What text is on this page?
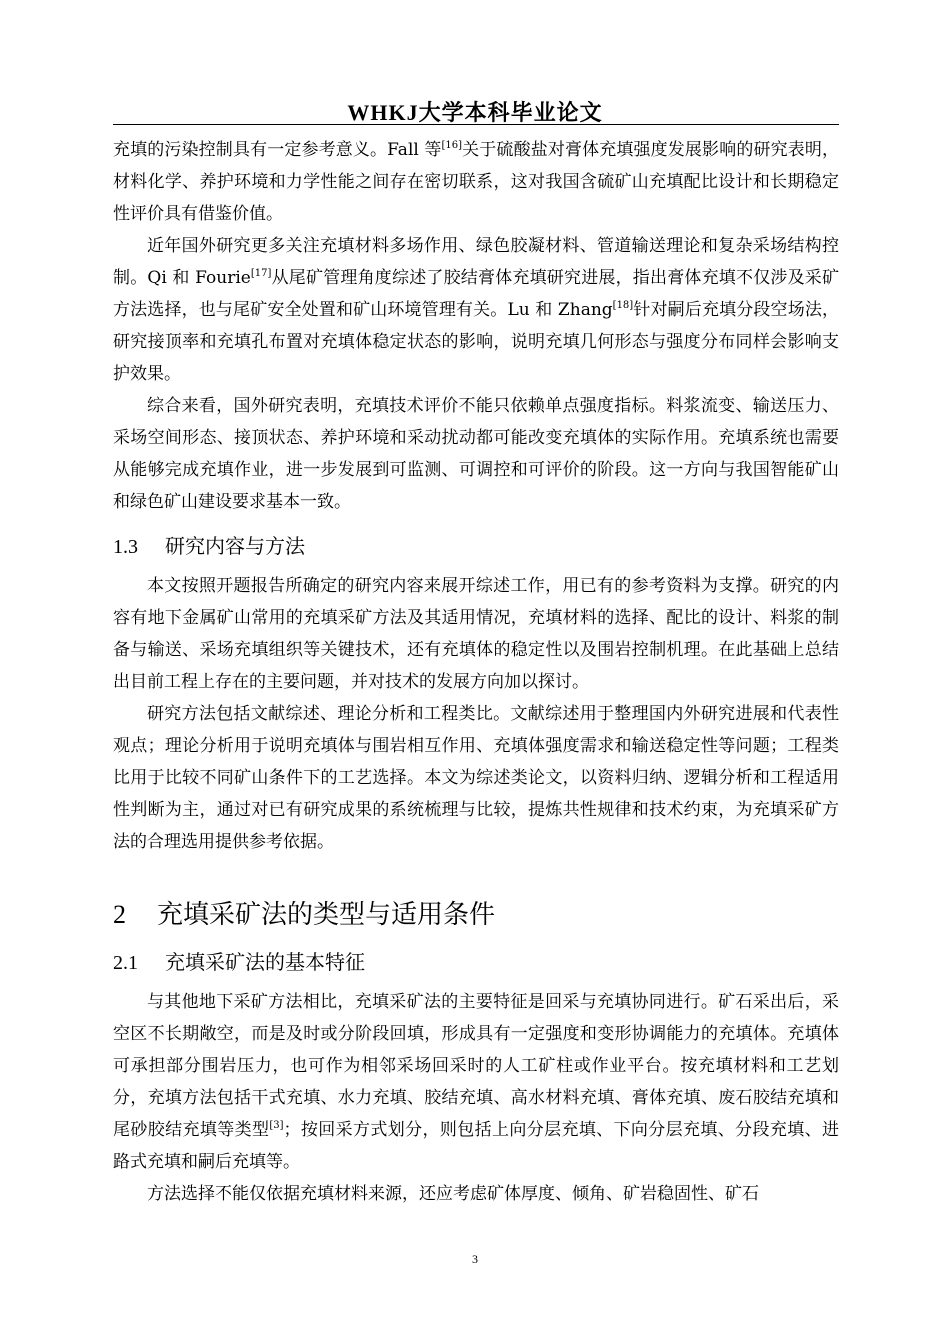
WHKJ大学本科毕业论文

充填的污染控制具有一定参考意义。Fall 等[16]关于硫酸盐对膏体充填强度发展影响的研究表明，材料化学、养护环境和力学性能之间存在密切联系，这对我国含硫矿山充填配比设计和长期稳定性评价具有借鉴价值。

近年国外研究更多关注充填材料多场作用、绿色胶凝材料、管道输送理论和复杂采场结构控制。Qi 和 Fourie[17]从尾矿管理角度综述了胶结膏体充填研究进展，指出膏体充填不仅涉及采矿方法选择，也与尾矿安全处置和矿山环境管理有关。Lu 和 Zhang[18]针对嗣后充填分段空场法，研究接顶率和充填孔布置对充填体稳定状态的影响，说明充填几何形态与强度分布同样会影响支护效果。

综合来看，国外研究表明，充填技术评价不能只依赖单点强度指标。料浆流变、输送压力、采场空间形态、接顶状态、养护环境和采动扰动都可能改变充填体的实际作用。充填系统也需要从能够完成充填作业，进一步发展到可监测、可调控和可评价的阶段。这一方向与我国智能矿山和绿色矿山建设要求基本一致。

1.3 研究内容与方法

本文按照开题报告所确定的研究内容来展开综述工作，用已有的参考资料为支撑。研究的内容有地下金属矿山常用的充填采矿方法及其适用情况，充填材料的选择、配比的设计、料浆的制备与输送、采场充填组织等关键技术，还有充填体的稳定性以及围岩控制机理。在此基础上总结出目前工程上存在的主要问题，并对技术的发展方向加以探讨。

研究方法包括文献综述、理论分析和工程类比。文献综述用于整理国内外研究进展和代表性观点；理论分析用于说明充填体与围岩相互作用、充填体强度需求和输送稳定性等问题；工程类比用于比较不同矿山条件下的工艺选择。本文为综述类论文，以资料归纳、逻辑分析和工程适用性判断为主，通过对已有研究成果的系统梳理与比较，提炼共性规律和技术约束，为充填采矿方法的合理选用提供参考依据。

2 充填采矿法的类型与适用条件
2.1 充填采矿法的基本特征

与其他地下采矿方法相比，充填采矿法的主要特征是回采与充填协同进行。矿石采出后，采空区不长期敞空，而是及时或分阶段回填，形成具有一定强度和变形协调能力的充填体。充填体可承担部分围岩压力，也可作为相邻采场回采时的人工矿柱或作业平台。按充填材料和工艺划分，充填方法包括干式充填、水力充填、胶结充填、高水材料充填、膏体充填、废石胶结充填和尾砂胶结充填等类型[3]；按回采方式划分，则包括上向分层充填、下向分层充填、分段充填、进路式充填和嗣后充填等。

方法选择不能仅依据充填材料来源，还应考虑矿体厚度、倾角、矿岩稳固性、矿石

3
